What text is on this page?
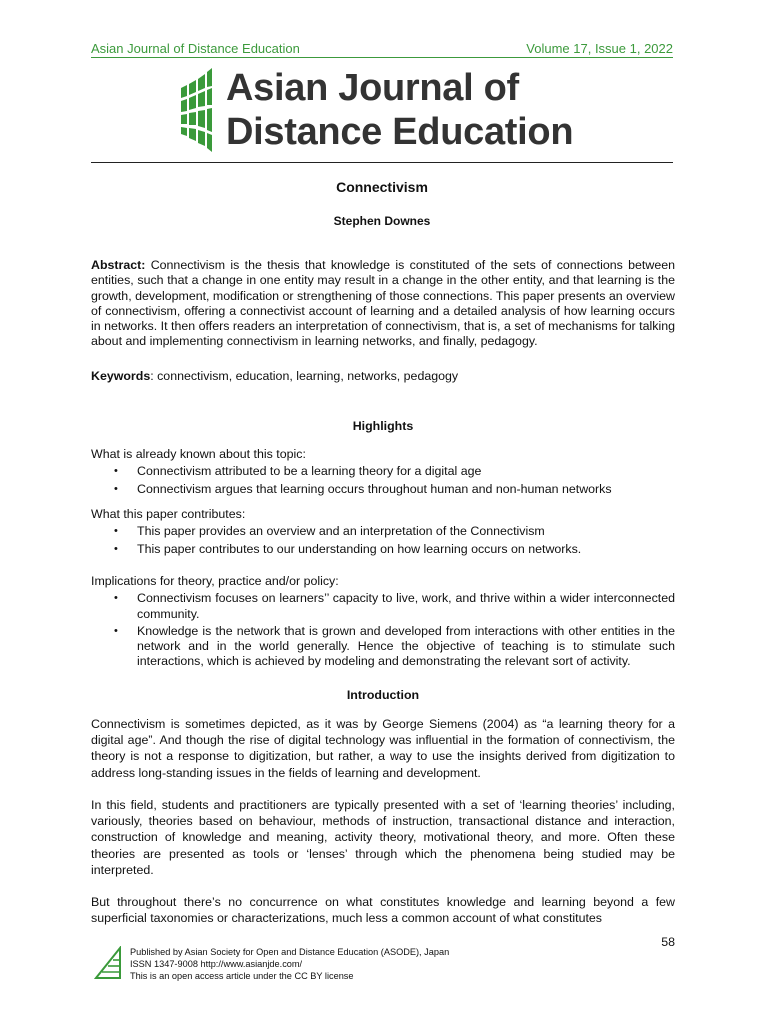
Asian Journal of Distance Education	Volume 17, Issue 1, 2022
Asian Journal of
Distance Education
Connectivism
Stephen Downes
Abstract: Connectivism is the thesis that knowledge is constituted of the sets of connections between entities, such that a change in one entity may result in a change in the other entity, and that learning is the growth, development, modification or strengthening of those connections. This paper presents an overview of connectivism, offering a connectivist account of learning and a detailed analysis of how learning occurs in networks. It then offers readers an interpretation of connectivism, that is, a set of mechanisms for talking about and implementing connectivism in learning networks, and finally, pedagogy.
Keywords: connectivism, education, learning, networks, pedagogy
Highlights
What is already known about this topic:
• Connectivism attributed to be a learning theory for a digital age
• Connectivism argues that learning occurs throughout human and non-human networks
What this paper contributes:
• This paper provides an overview and an interpretation of the Connectivism
• This paper contributes to our understanding on how learning occurs on networks.
Implications for theory, practice and/or policy:
• Connectivism focuses on learners’’ capacity to live, work, and thrive within a wider interconnected community.
• Knowledge is the network that is grown and developed from interactions with other entities in the network and in the world generally. Hence the objective of teaching is to stimulate such interactions, which is achieved by modeling and demonstrating the relevant sort of activity.
Introduction
Connectivism is sometimes depicted, as it was by George Siemens (2004) as “a learning theory for a digital age”. And though the rise of digital technology was influential in the formation of connectivism, the theory is not a response to digitization, but rather, a way to use the insights derived from digitization to address long-standing issues in the fields of learning and development.
In this field, students and practitioners are typically presented with a set of ‘learning theories’ including, variously, theories based on behaviour, methods of instruction, transactional distance and interaction, construction of knowledge and meaning, activity theory, motivational theory, and more. Often these theories are presented as tools or ‘lenses’ through which the phenomena being studied may be interpreted.
But throughout there’s no concurrence on what constitutes knowledge and learning beyond a few superficial taxonomies or characterizations, much less a common account of what constitutes
58
Published by Asian Society for Open and Distance Education (ASODE), Japan
ISSN 1347-9008 http://www.asianjde.com/
This is an open access article under the CC BY license
